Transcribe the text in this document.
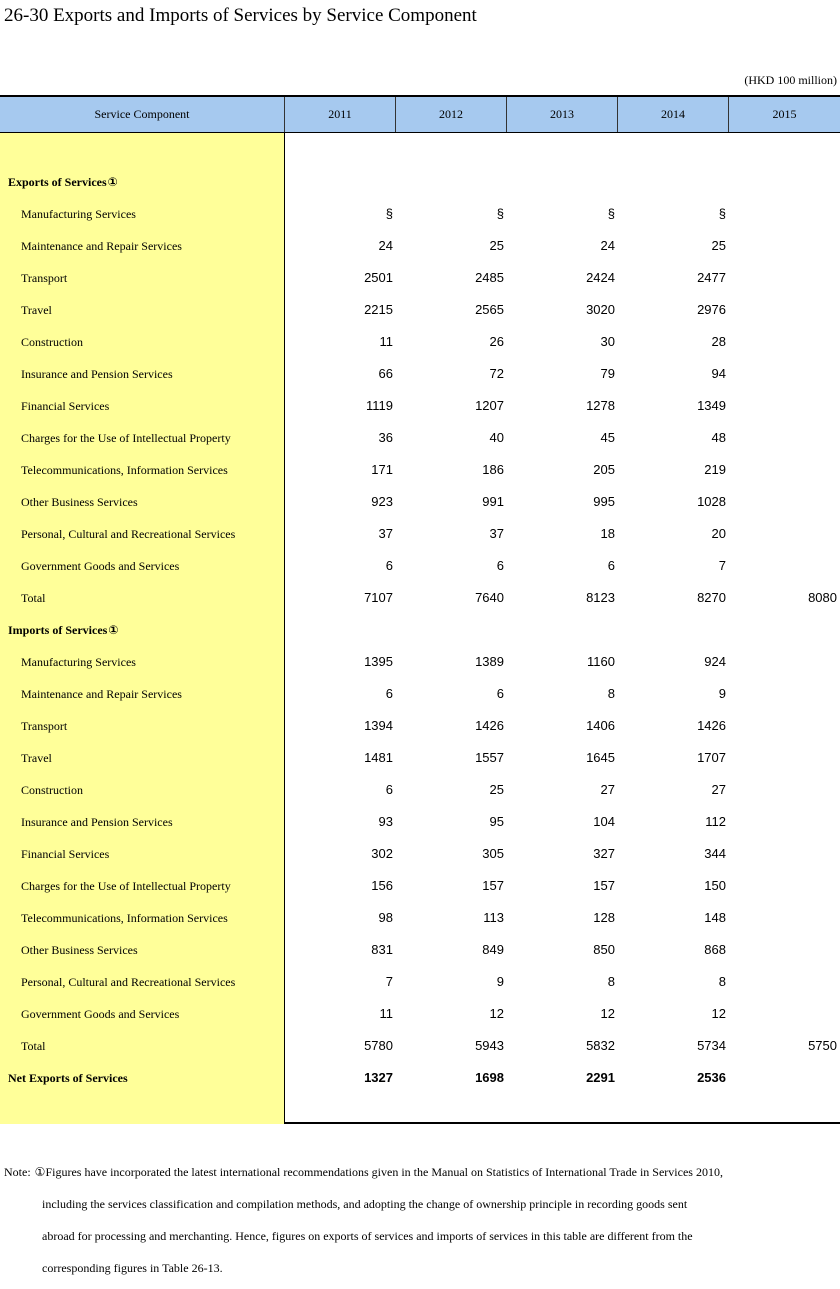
26-30 Exports and Imports of Services by Service Component
(HKD 100 million)
Service Component	2011	2012	2013	2014	2015
Exports of Services①
Manufacturing Services	§	§	§	§
Maintenance and Repair Services	24	25	24	25
Transport	2501	2485	2424	2477
Travel	2215	2565	3020	2976
Construction	11	26	30	28
Insurance and Pension Services	66	72	79	94
Financial Services	1119	1207	1278	1349
Charges for the Use of Intellectual Property	36	40	45	48
Telecommunications, Information Services	171	186	205	219
Other Business Services	923	991	995	1028
Personal, Cultural and Recreational Services	37	37	18	20
Government Goods and Services	6	6	6	7
Total	7107	7640	8123	8270	8080
Imports of Services①
Manufacturing Services	1395	1389	1160	924
Maintenance and Repair Services	6	6	8	9
Transport	1394	1426	1406	1426
Travel	1481	1557	1645	1707
Construction	6	25	27	27
Insurance and Pension Services	93	95	104	112
Financial Services	302	305	327	344
Charges for the Use of Intellectual Property	156	157	157	150
Telecommunications, Information Services	98	113	128	148
Other Business Services	831	849	850	868
Personal, Cultural and Recreational Services	7	9	8	8
Government Goods and Services	11	12	12	12
Total	5780	5943	5832	5734	5750
Net Exports of Services	1327	1698	2291	2536
Note: ①Figures have incorporated the latest international recommendations given in the Manual on Statistics of International Trade in Services 2010,
including the services classification and compilation methods, and adopting the change of ownership principle in recording goods sent
abroad for processing and merchanting. Hence, figures on exports of services and imports of services in this table are different from the
corresponding figures in Table 26-13.
